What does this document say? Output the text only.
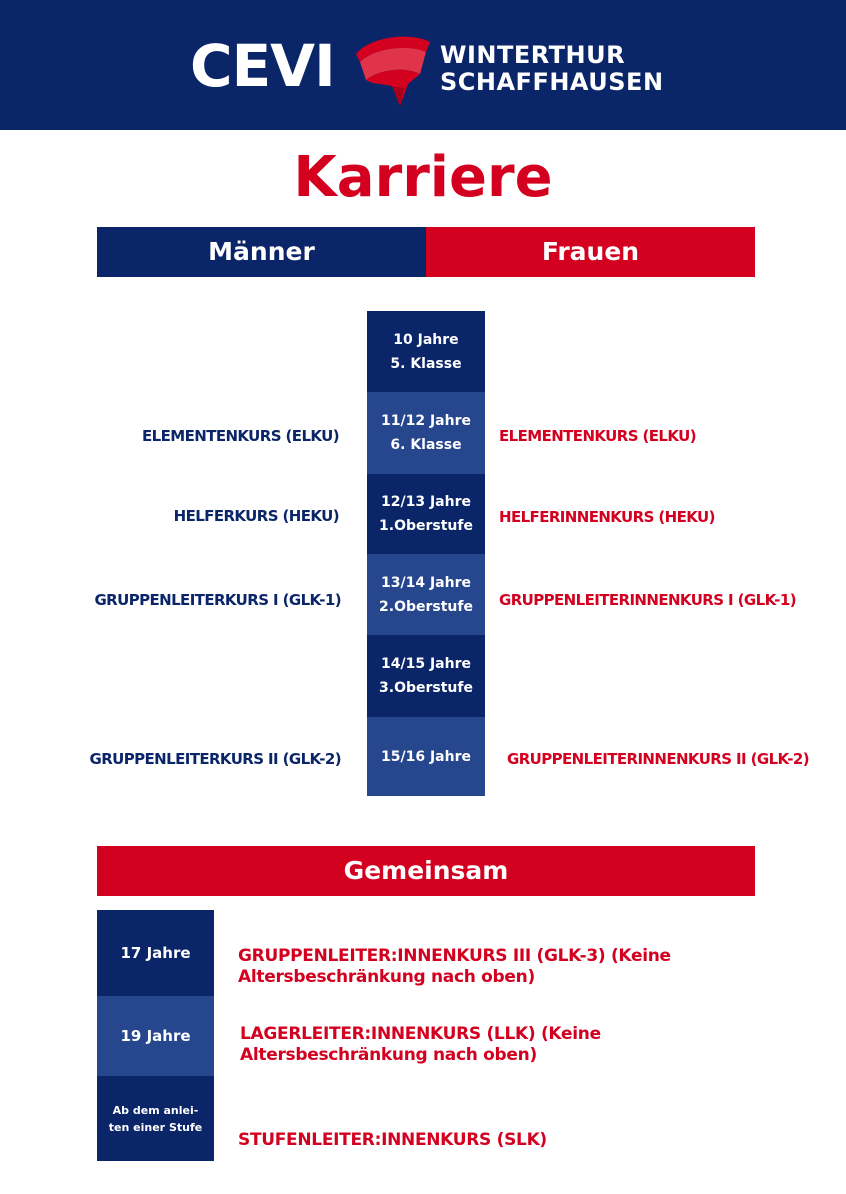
CEVI	WINTERTHUR
SCHAFFHAUSEN
Karriere
Männer	Frauen
10 Jahre
5. Klasse
11/12 Jahre
6. Klasse
12/13 Jahre
1.Oberstufe
13/14 Jahre
2.Oberstufe
14/15 Jahre
3.Oberstufe
15/16 Jahre
ELEMENTENKURS (ELKU)
HELFERKURS (HEKU)
GRUPPENLEITERKURS I (GLK-1)
GRUPPENLEITERKURS II (GLK-2)
ELEMENTENKURS (ELKU)
HELFERINNENKURS (HEKU)
GRUPPENLEITERINNENKURS I (GLK-1)
GRUPPENLEITERINNENKURS II (GLK-2)
Gemeinsam
17 Jahre
19 Jahre
Ab dem anlei-ten einer Stufe
GRUPPENLEITER:INNENKURS III (GLK-3) (Keine
Altersbeschränkung nach oben)
LAGERLEITER:INNENKURS (LLK) (Keine
Altersbeschränkung nach oben)
STUFENLEITER:INNENKURS (SLK)
